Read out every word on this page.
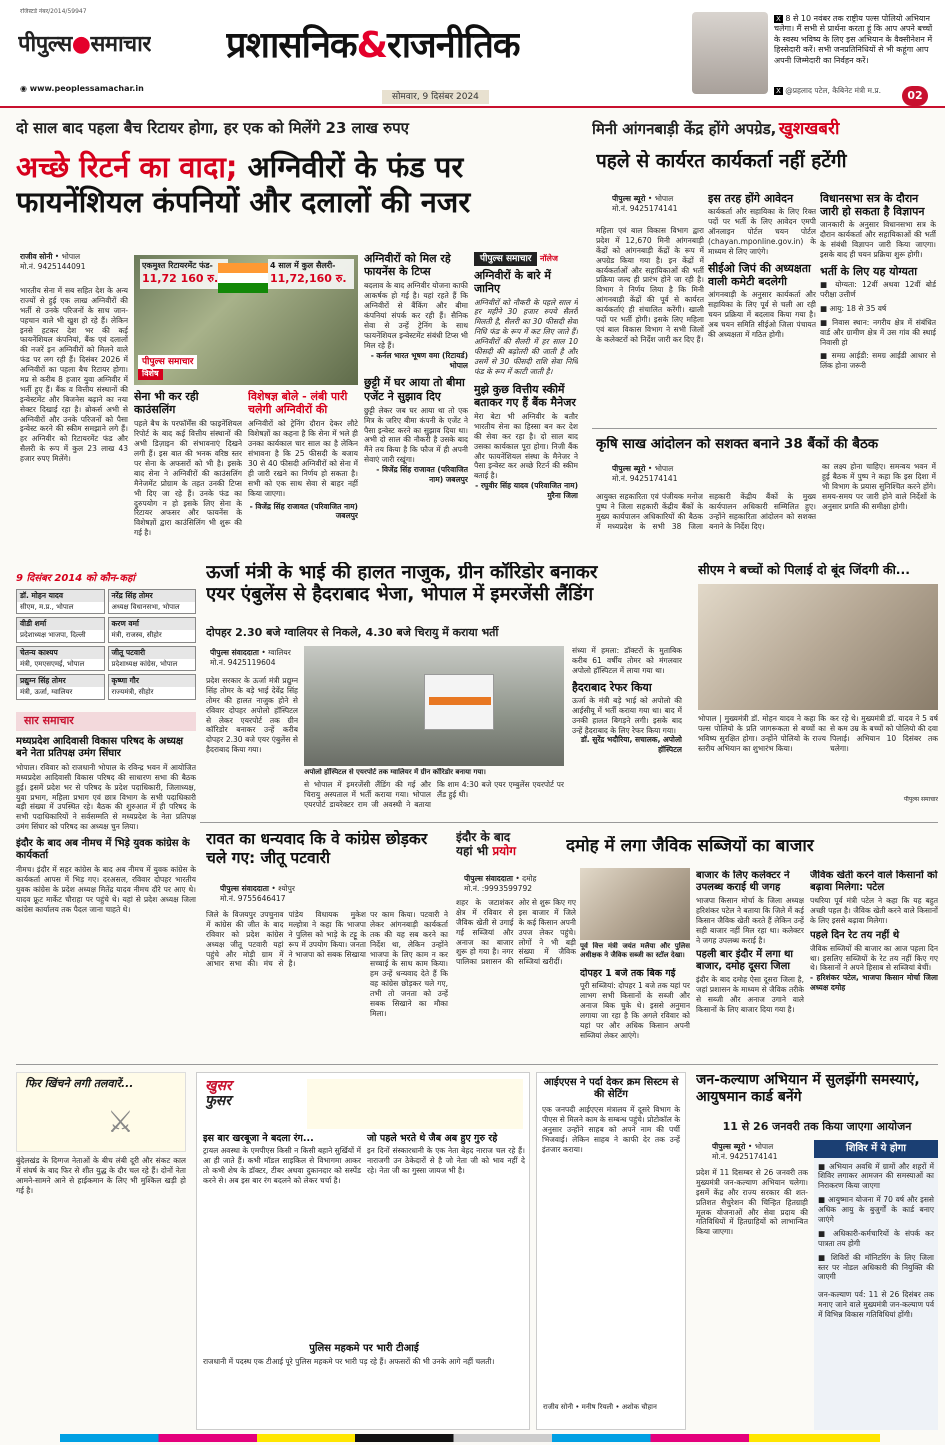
रजिस्टर्ड नंबर/2014/59947
पीपुल्स●समाचार
◉ www.peoplessamachar.in
प्रशासनिक&राजनीतिक
सोमवार, 9 दिसंबर 2024
X 8 से 10 नवंबर तक राष्ट्रीय पल्स पोलियो अभियान चलेगा। मैं सभी से प्रार्थना करता हूं कि आप अपने बच्चों के स्वस्थ भविष्य के लिए इस अभियान के वैक्सीनेशन में हिस्सेदारी करें। सभी जनप्रतिनिधियों से भी कहूंगा आप अपनी जिम्मेदारी का निर्वहन करें।
X @प्रहलाद पटेल, कैबिनेट मंत्री म.प्र.	02
दो साल बाद पहला बैच रिटायर होगा, हर एक को मिलेंगे 23 लाख रुपए
अच्छे रिटर्न का वादा; अग्निवीरों के फंड पर
फायनेंशियल कंपनियों और दलालों की नजर
राजीव सोनी • भोपाल
मो.नं. 9425144091	एकमुश्त रिटायरमेंट फंड-
11,72 160 रु.
4 साल में कुल सैलरी-
11,72,160 रु.
पीपुल्स समाचार
विशेष
भारतीय सेना में सब सहित देश के अन्य राज्यों से हुई एक लाख अग्निवीरों की भर्ती से उनके परिजनों के साथ जान-पहचान वाले भी खुश हो रहे हैं। लेकिन इनसे हटकर देश भर की कई फायनेंशियल कंपनियां, बैंक एवं दलालों की नजरें इन अग्निवीरों को मिलने वाले फंड पर लग रही हैं। दिसंबर 2026 में अग्निवीरों का पहला बैच रिटायर होगा। मप्र से करीब 8 हजार युवा अग्निवीर में भर्ती हुए हैं। बैंक व वित्तीय संस्थानों की इन्वेस्टमेंट और बिजनेस बढ़ाने का नया सेक्टर दिखाई रहा है। ब्रोकर्स अभी से अग्निवीरों और उनके परिजनों को पैसा इन्वेस्ट करने की स्कीम समझाने लगे हैं। हर अग्निवीर को रिटायरमेंट फंड और सैलरी के रूप में कुल 23 लाख 43 हजार रुपए मिलेंगे।
सेना भी कर रही काउंसलिंग
पहले बैच के परफॉर्मेंस की फाइनेंशियल रिपोर्ट के बाद कई वित्तीय संस्थानों की अभी डिज़ाइन की संभावनाएं दिखने लगी हैं। इस बात की भनक वरिष्ठ स्तर पर सेना के अफसरों को भी है। इसके बाद सेना ने अग्निवीरों की काउंसलिंग मैनेजमेंट प्रोग्राम के तहत उनकी टिप्स भी दिए जा रहे हैं। उनके फंड का दुरुपयोग न हो इसके लिए सेना के रिटायर अफसर और फायनेंस के विशेषज्ञों द्वारा काउंसिलिंग भी शुरू की गई है।
विशेषज्ञ बोले - लंबी पारी चलेगी अग्निवीरों की
अग्निवीरों को ट्रेनिंग दौरान देकर लौटे विशेषज्ञों का कहना है कि सेना में भले ही उनका कार्यकाल चार साल का है लेकिन संभावना है कि 25 फीसदी के बजाय 30 से 40 फीसदी अग्निवीरों को सेना में ही जारी रखने का निर्णय हो सकता है। सभी को एक साथ सेवा से बाहर नहीं किया जाएगा।
- विजेंद्र सिंह राजावत (परिवाजित नाम) जबलपुर
अग्निवीरों को मिल रहे फायनेंस के टिप्स
बदलाव के बाद अग्निवीर योजना काफी आकर्षक हो गई है। यहां रहते हैं कि अग्निवीरों से बैंकिंग और बीमा कंपनियां संपर्क कर रही हैं। सैनिक सेवा से उन्हें ट्रेनिंग के साथ फायनेंशियल इन्वेस्टमेंट संबंधी टिप्स भी मिल रहे हैं।
- कर्नल भारत भूषण वमा (रिटायर्ड) भोपाल
छुट्टी में घर आया तो बीमा एजेंट ने सुझाव दिए
छुट्टी लेकर जब घर आया था तो एक मित्र के जरिए बीमा कंपनी के एजेंट ने पैसा इन्वेस्ट करने का सुझाव दिया था। अभी दो साल की नौकरी है उसके बाद मैंने तय किया है कि फौज में ही अपनी सेवाएं जारी रखूंगा।
- विजेंद्र सिंह राजावत (परिवाजित नाम) जबलपुर
पीपुल्स समाचार नॉलेज
अग्निवीरों के बारे में जानिए
अग्निवीरों को नौकरी के पहले साल में हर महीने 30 हजार रुपये सैलरी मिलती है, सैलरी का 30 फीसदी सेवा निधि फंड के रूप में कट लिए जाते हैं। अग्निवीरों की सैलरी में हर साल 10 फीसदी की बढ़ोतरी की जाती है और उसमें से 30 फीसदी राशि सेवा निधि फंड के रूप में काटी जाती है।
मुझे कुछ वित्तीय स्कीमें बताकर गए हैं बैंक मैनेजर
मेरा बेटा भी अग्निवीर के बतौर भारतीय सेना का हिस्सा बन कर देश की सेवा कर रहा है। दो साल बाद उसका कार्यकाल पूरा होगा। निजी बैंक और फायनेंशियल संस्था के मैनेजर ने पैसा इन्वेस्ट कर अच्छे रिटर्न की स्कीम बताई है।
- रघुवीर सिंह यादव (परिवाजित नाम) मुरैना जिला
मिनी आंगनबाड़ी केंद्र होंगे अपग्रेड, खुशखबरी
पहले से कार्यरत कार्यकर्ता नहीं हटेंगी
पीपुल्स ब्यूरो • भोपाल
मो.नं. 9425174141
महिला एवं बाल विकास विभाग द्वारा प्रदेश में 12,670 मिनी आंगनबाड़ी केंद्रों को आंगनबाड़ी केंद्रों के रूप में अपग्रेड किया गया है। इन केंद्रों में कार्यकर्ताओं और सहायिकाओं की भर्ती प्रक्रिया जल्द ही प्रारंभ होने जा रही है। विभाग ने निर्णय लिया है कि मिनी आंगनबाड़ी केंद्रों की पूर्व से कार्यरत कार्यकर्ताएं ही संचालित करेंगी। खाली पदों पर भर्ती होगी। इसके लिए महिला एवं बाल विकास विभाग ने सभी जिलों के कलेक्टरों को निर्देश जारी कर दिए हैं।
इस तरह होंगे आवेदन
कार्यकर्ता और सहायिका के लिए रिक्त पदों पर भर्ती के लिए आवेदन एमपी ऑनलाइन पोर्टल चयन पोर्टल (chayan.mponline.gov.in) के माध्यम से लिए जाएंगे।
सीईओ जिपं की अध्यक्षता वाली कमेटी बदलेगी
आंगनबाड़ी के अनुसार कार्यकर्ता और सहायिका के लिए पूर्व से चली आ रही चयन प्रक्रिया में बदलाव किया गया है। अब चयन समिति सीईओ जिला पंचायत की अध्यक्षता में गठित होगी।
विधानसभा सत्र के दौरान जारी हो सकता है विज्ञापन
जानकारी के अनुसार विधानसभा सत्र के दौरान कार्यकर्ता और सहायिकाओं की भर्ती के संबंधी विज्ञापन जारी किया जाएगा। इसके बाद ही चयन प्रक्रिया शुरू होगी।
भर्ती के लिए यह योग्यता
■ योग्यता: 12वीं अथवा 12वीं बोर्ड परीक्षा उत्तीर्ण
■ आयु: 18 से 35 वर्ष
■ निवास स्थान: नगरीय क्षेत्र में संबंधित वार्ड और ग्रामीण क्षेत्र में उस गांव की स्थाई निवासी हो
■ समग्र आईडी: समग्र आईडी आधार से लिंक होना जरूरी
कृषि साख आंदोलन को सशक्त बनाने 38 बैंकों की बैठक
पीपुल्स ब्यूरो • भोपाल
मो.नं. 9425174141
आयुक्त सहकारिता एवं पंजीयक मनोज पुष्प ने जिला सहकारी केंद्रीय बैंकों के मुख्य कार्यपालन अधिकारियों की बैठक में मध्यप्रदेश के सभी 38 जिला सहकारी केंद्रीय बैंकों के मुख्य कार्यपालन अधिकारी सम्मिलित हुए। उन्होंने सहकारिता आंदोलन को सशक्त बनाने के निर्देश दिए।
का लक्ष्य होना चाहिए। समन्वय भवन में हुई बैठक में पुष्प ने कहा कि इस दिशा में भी विभाग के प्रयास सुनिश्चित करने होंगे। समय-समय पर जारी होने वाले निर्देशों के अनुसार प्रगति की समीक्षा होगी।
9 दिसंबर 2014 को कौन-कहां
डॉ. मोहन यादव
सीएम, म.प्र., भोपाल
नरेंद्र सिंह तोमर
अध्यक्ष विधानसभा, भोपाल
वीडी शर्मा
प्रदेशाध्यक्ष भाजपा, दिल्ली
करण वर्मा
मंत्री, राजस्व, सीहोर
चेतन्य काश्यप
मंत्री, एमएसएमई, भोपाल
जीतू पटवारी
प्रदेशाध्यक्ष कांग्रेस, भोपाल
प्रद्युम्न सिंह तोमर
मंत्री, ऊर्जा, ग्वालियर
कृष्णा गौर
राज्यमंत्री, सीहोर
सार समाचार
मध्यप्रदेश आदिवासी विकास परिषद के अध्यक्ष बने नेता प्रतिपक्ष उमंग सिंघार
भोपाल। रविवार को राजधानी भोपाल के रविन्द्र भवन में आयोजित मध्यप्रदेश आदिवासी विकास परिषद की साधारण सभा की बैठक हुई। इसमें प्रदेश भर से परिषद के प्रदेश पदाधिकारी, जिलाध्यक्ष, युवा प्रभाग, महिला प्रभाग एवं छात्र विभाग के सभी पदाधिकारी बड़ी संख्या में उपस्थित रहे। बैठक की शुरुआत में ही परिषद के सभी पदाधिकारियों ने सर्वसम्मति से मध्यप्रदेश के नेता प्रतिपक्ष उमंग सिंघार को परिषद का अध्यक्ष चुन लिया।
इंदौर के बाद अब नीमच में भिड़े युवक कांग्रेस के कार्यकर्ता
नीमच। इंदौर में सहर कांग्रेस के बाद अब नीमच में युवक कांग्रेस के कार्यकर्ता आपस में भिड़ गए। दरअसल, रविवार दोपहर भारतीय युवक कांग्रेस के प्रदेश अध्यक्ष मितेंद्र यादव नीमच दौरे पर आए थे। यादव फ्रूट मार्केट चौराहा पर पहुंचे थे। यहां से प्रदेश अध्यक्ष जिला कांग्रेस कार्यालय तक पैदल जाना चाहते थे।
ऊर्जा मंत्री के भाई की हालत नाजुक, ग्रीन कॉरिडोर बनाकर
एयर एंबुलेंस से हैदराबाद भेजा, भोपाल में इमरजेंसी लैंडिंग
दोपहर 2.30 बजे ग्वालियर से निकले, 4.30 बजे चिरायु में कराया भर्ती
पीपुल्स संवाददाता • ग्वालियर
मो.नं. 9425119604
प्रदेश सरकार के ऊर्जा मंत्री प्रद्युम्न सिंह तोमर के बड़े भाई देवेंद्र सिंह तोमर की हालत नाजुक होने से रविवार दोपहर अपोलो हॉस्पिटल से लेकर एयरपोर्ट तक ग्रीन कॉरिडोर बनाकर उन्हें करीब दोपहर 2.30 बजे एयर एंबुलेंस से हैदराबाद किया गया।
अपोलो हॉस्पिटल से एयरपोर्ट तक ग्वालियर में ग्रीन कॉरिडोर बनाया गया।
से भोपाल में इमरजेंसी लैंडिंग की गई और चिरायु अस्पताल में भर्ती कराया गया। भोपाल एयरपोर्ट डायरेक्टर राम जी अवस्थी ने बताया कि शाम 4:30 बजे एयर एम्बुलेंस एयरपोर्ट पर लैंड हुई थी।
संध्या में हमला: डॉक्टरों के मुताबिक करीब 61 वर्षीय तोमर को मंगलवार अपोलो हॉस्पिटल में लाया गया था।
हैदराबाद रेफर किया
ऊर्जा के मंत्री बड़े भाई को अपोलो की आईसीयू में भर्ती कराया गया था। बाद में उनकी हालत बिगड़ने लगी। इसके बाद उन्हें हैदराबाद के लिए रेफर किया गया।
डॉ. सुरेंद्र भदौरिया, सचालक, अपोलो हॉस्पिटल
सीएम ने बच्चों को पिलाई दो बूंद जिंदगी की...
भोपाल | मुख्यमंत्री डॉ. मोहन यादव ने कहा कि पल्स पोलियो के प्रति जागरूकता से बच्चों का भविष्य सुरक्षित होगा। उन्होंने पोलियो के राज्य स्तरीय अभियान का शुभारंभ किया।
कर रहे थे। मुख्यमंत्री डॉ. यादव ने 5 वर्ष से कम उम्र के बच्चों को पोलियो की दवा पिलाई। अभियान 10 दिसंबर तक चलेगा।
पीपुल्स समाचार
रावत का धन्यवाद कि वे कांग्रेस छोड़कर चले गए: जीतू पटवारी
पीपुल्स संवाददाता • श्योपुर
मो.नं. 9755646417
जिले के विजयपुर उपचुनाव में कांग्रेस की जीत के बाद रविवार को प्रदेश कांग्रेस अध्यक्ष जीतू पटवारी यहां पहुंचे और मोड़ी ग्राम में आभार सभा की। मंच से पांडेय विधायक मुकेश मल्होत्रा ने कहा कि भाजपा ने पुलिस को भाड़े के टट्टू के रूप में उपयोग किया। जनता ने भाजपा को सबक सिखाया है।
पर काम किया। पटवारी ने लेकर आंगनबाड़ी कार्यकर्ता तक की यह सब करने का निर्देश था, लेकिन उन्होंने भाजपा के लिए काम न कर सच्चाई के साथ काम किया। हम उन्हें धन्यवाद देते हैं कि वह कांग्रेस छोड़कर चले गए, तभी तो जनता को उन्हें सबक सिखाने का मौका मिला।
इंदौर के बाद
यहां भी प्रयोग
पीपुल्स संवाददाता • दमोह
मो.नं. :9993599792
दमोह में लगा जैविक सब्जियों का बाजार
शहर के जटाशंकर क्षेत्र में रविवार से जैविक खेती से उगाई गई सब्जियां और अनाज का बाजार शुरू हो गया है। नगर पालिका प्रशासन की ओर से शुरू किए गए इस बाजार में जिले के कई किसान अपनी उपज लेकर पहुंचे। लोगों ने भी बड़ी संख्या में जैविक सब्जियां खरीदीं।
पूर्व वित्त मंत्री जयंत मलैया और पुलिस अधीक्षक ने जैविक सब्जी का स्टॉल देखा।
दोपहर 1 बजे तक बिक गई
पूरी सब्जियां: दोपहर 1 बजे तक यहां पर लाभग सभी किसानों के सब्जी और अनाज बिक चुके थे। इससे अनुमान लगाया जा रहा है कि अगले रविवार को यहां पर और अधिक किसान अपनी सब्जियां लेकर आएंगे।
बाजार के लिए कलेक्टर ने उपलब्ध कराई थी जगह
भाजपा किसान मोर्चा के जिला अध्यक्ष हरिशंकर पटेल ने बताया कि जिले में कई किसान जैविक खेती करते हैं लेकिन उन्हें सही बाजार नहीं मिल रहा था। कलेक्टर ने जगह उपलब्ध कराई है।
पहली बार इंदौर में लगा था बाजार, दमोह दूसरा जिला
इंदौर के बाद दमोह ऐसा दूसरा जिला है, जहां प्रशासन के माध्यम से जैविक तरीके से सब्जी और अनाज उगाने वाले किसानों के लिए बाजार दिया गया है।
जैविक खेती करने वाले किसानों को बढ़ावा मिलेगा: पटेल
पथरिया पूर्व मंत्री पटेल ने कहा कि यह बहुत अच्छी पहल है। जैविक खेती करने वाले किसानों के लिए इससे बढ़ावा मिलेगा।
पहले दिन रेट तय नहीं थे
जैविक सब्जियों की बाजार का आज पहला दिन था। इसलिए सब्जियों के रेट तय नहीं किए गए थे। किसानों ने अपने हिसाब से सब्जियां बेचीं।
- हरिशंकर पटेल, भाजपा किसान मोर्चा जिला अध्यक्ष दमोह
फिर खिंचने लगी तलवारें...
⚔
बुंदेलखंड के दिग्गज नेताओं के बीच लंबी दूरी और संकट काल में संघर्ष के बाद फिर से शीत युद्ध के दौर चल रहे हैं। दोनों नेता आमने-सामने आने से हाईकमान के लिए भी मुश्किल खड़ी हो गई है।
खुसर
फुसर
इस बार खरबूजा ने बदला रंग...
ट्रायल अवस्था के एमपीएस किसी न किसी बहाने सुर्खियों में आ ही जाते हैं। कभी मॉडल साइकिल से विभागमा आकर तो कभी शेष के डॉक्टर, टीबर अथवा दुकानदार को सस्पेंड करने से। अब इस बार रंग बदलने को लेकर चर्चा है।
जो पहले भरते थे जैब अब हुए गुरु रहे
इन दिनों संस्कारधानी के एक नेता बेहद नाराज चल रहे हैं। नाराजगी उन ठेकेदारों से है जो नेता जी को भाव नहीं दे रहे। नेता जी का गुस्सा जायज भी है।
पुलिस महकमे पर भारी टीआई
राजधानी में पदस्थ एक टीआई पूरे पुलिस महकमे पर भारी पड़ रहे हैं। अफसरों की भी उनके आगे नहीं चलती।
आईएएस ने पर्दा देकर क्रम सिस्टम से की सेटिंग
एक जनपदी आईएएस मंत्रालय में दूसरे विभाग के पीएस से मिलने काम के सम्बन्ध पहुंचे। प्रोटोकॉल के अनुसार उन्होंने साहब को अपने नाम की पर्ची भिजवाई। लेकिन साहब ने काफी देर तक उन्हें इंतजार कराया।
राजीव सोनी • मनीष रियली • अशोक चौहान
जन-कल्याण अभियान में सुलझेंगी समस्याएं, आयुषमान कार्ड बनेंगे
11 से 26 जनवरी तक किया जाएगा आयोजन
पीपुल्स ब्यूरो • भोपाल
मो.नं. 9425174141
प्रदेश में 11 दिसम्बर से 26 जनवरी तक मुख्यमंत्री जन-कल्याण अभियान चलेगा। इसमें केंद्र और राज्य सरकार की शत-प्रतिशत सैचुरेशन की चिन्हित हितग्राही मूलक योजनाओं और सेवा प्रदाय की गतिविधियों में हितग्राहियों को लाभान्वित किया जाएगा।
शिविर में ये होगा
■ अभियान अवधि में ग्रामों और शहरों में शिविर लगाकर आमजन की समस्याओं का निराकरण किया जाएगा
■ आयुष्मान योजना में 70 वर्ष और इससे अधिक आयु के बुजुर्गों के कार्ड बनाए जाएंगे
■ अधिकारी-कर्मचारियों के संपर्क कर पात्रता तय होगी
■ शिविरों की मॉनिटरिंग के लिए जिला स्तर पर नोडल अधिकारी की नियुक्ति की जाएगी
जन-कल्याण पर्व: 11 से 26 दिसंबर तक मनाए जाने वाले मुख्यमंत्री जन-कल्याण पर्व में विभिन्न विकास गतिविधियां होंगी।
